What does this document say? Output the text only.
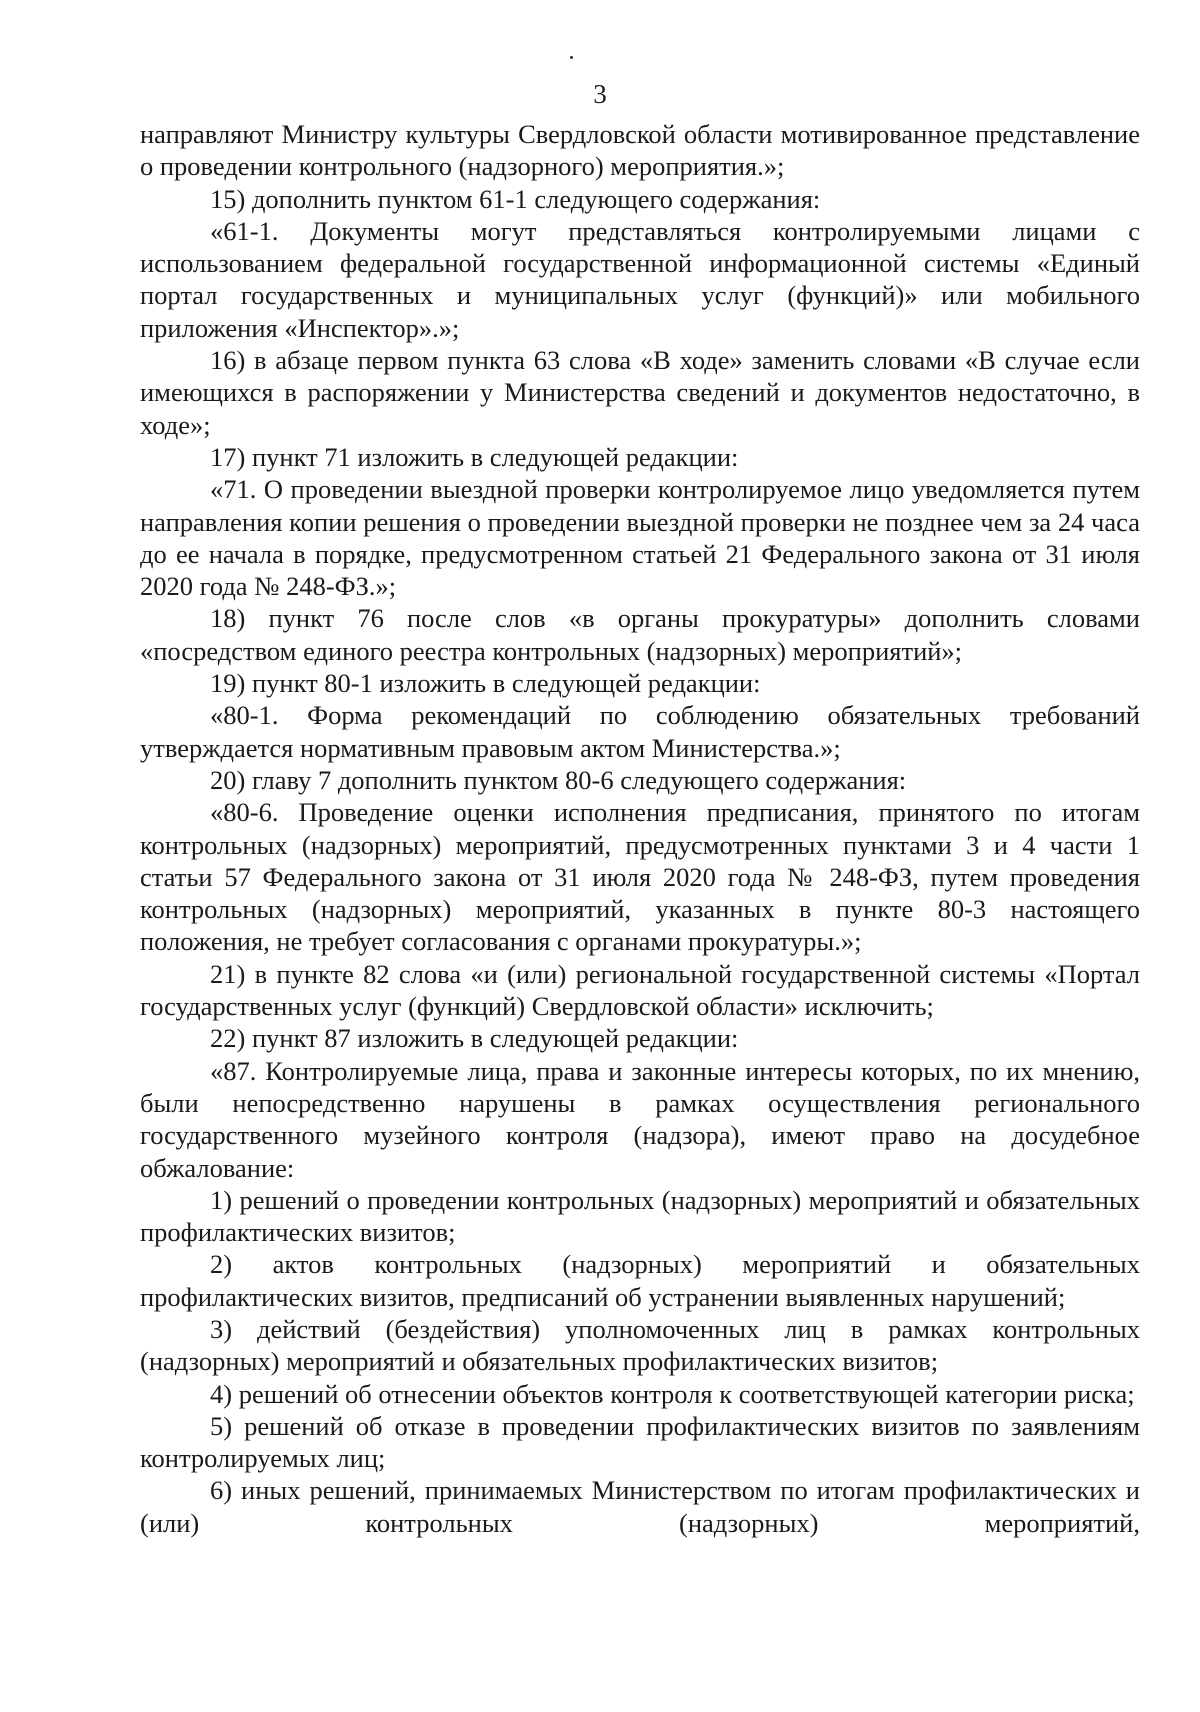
3

направляют Министру культуры Свердловской области мотивированное представление о проведении контрольного (надзорного) мероприятия.»;

15) дополнить пунктом 61-1 следующего содержания:

«61-1. Документы могут представляться контролируемыми лицами с использованием федеральной государственной информационной системы «Единый портал государственных и муниципальных услуг (функций)» или мобильного приложения «Инспектор».»;

16) в абзаце первом пункта 63 слова «В ходе» заменить словами «В случае если имеющихся в распоряжении у Министерства сведений и документов недостаточно, в ходе»;

17) пункт 71 изложить в следующей редакции:

«71. О проведении выездной проверки контролируемое лицо уведомляется путем направления копии решения о проведении выездной проверки не позднее чем за 24 часа до ее начала в порядке, предусмотренном статьей 21 Федерального закона от 31 июля 2020 года № 248-ФЗ.»;

18) пункт 76 после слов «в органы прокуратуры» дополнить словами «посредством единого реестра контрольных (надзорных) мероприятий»;

19) пункт 80-1 изложить в следующей редакции:

«80-1. Форма рекомендаций по соблюдению обязательных требований утверждается нормативным правовым актом Министерства.»;

20) главу 7 дополнить пунктом 80-6 следующего содержания:

«80-6. Проведение оценки исполнения предписания, принятого по итогам контрольных (надзорных) мероприятий, предусмотренных пунктами 3 и 4 части 1 статьи 57 Федерального закона от 31 июля 2020 года № 248-ФЗ, путем проведения контрольных (надзорных) мероприятий, указанных в пункте 80-3 настоящего положения, не требует согласования с органами прокуратуры.»;

21) в пункте 82 слова «и (или) региональной государственной системы «Портал государственных услуг (функций) Свердловской области» исключить;

22) пункт 87 изложить в следующей редакции:

«87. Контролируемые лица, права и законные интересы которых, по их мнению, были непосредственно нарушены в рамках осуществления регионального государственного музейного контроля (надзора), имеют право на досудебное обжалование:

1) решений о проведении контрольных (надзорных) мероприятий и обязательных профилактических визитов;

2) актов контрольных (надзорных) мероприятий и обязательных профилактических визитов, предписаний об устранении выявленных нарушений;

3) действий (бездействия) уполномоченных лиц в рамках контрольных (надзорных) мероприятий и обязательных профилактических визитов;

4) решений об отнесении объектов контроля к соответствующей категории риска;

5) решений об отказе в проведении профилактических визитов по заявлениям контролируемых лиц;

6) иных решений, принимаемых Министерством по итогам профилактических и (или) контрольных (надзорных) мероприятий,
